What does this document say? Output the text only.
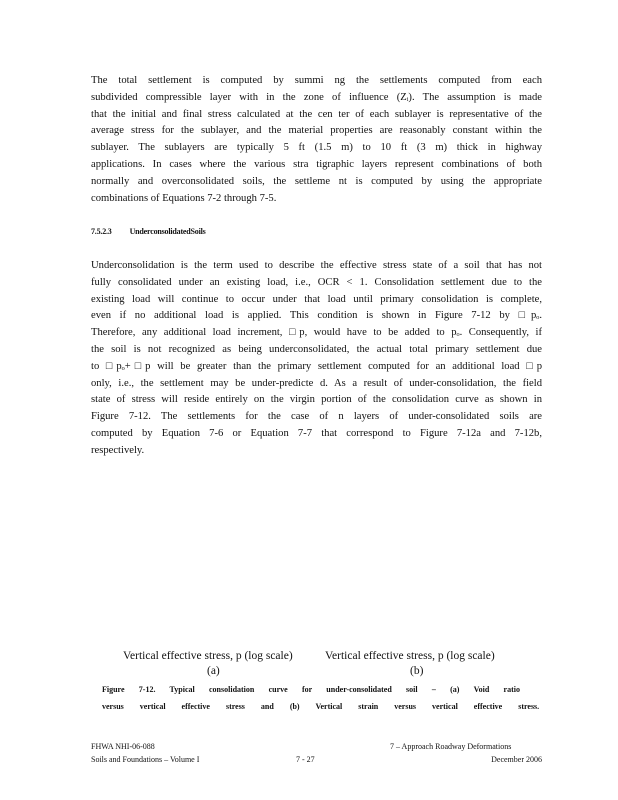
The total settlement is computed by summi ng the settlements computed from each
subdivided compressible layer with in the zone of influence (Zᵢ). The assumption is made
that the initial and final stress calculated at the cen ter of each sublayer is representative of the
average stress for the sublayer, and the material properties are reasonably constant within the
sublayer. The sublayers are typically 5 ft (1.5 m) to 10 ft (3 m) thick in highway
applications. In cases where the various stra tigraphic layers represent combinations of both
normally and overconsolidated soils, the settleme nt is computed by using the appropriate
combinations of Equations 7-2 through 7-5.
7.5.2.3 UnderconsolidatedSoils
Underconsolidation is the term used to describe the effective stress state of a soil that has not
fully consolidated under an existing load, i.e., OCR < 1. Consolidation settlement due to the
existing load will continue to occur under that load until primary consolidation is complete,
even if no additional load is applied. This condition is shown in Figure 7-12 by □pₒ.
Therefore, any additional load increment, □p, would have to be added to pₒ. Consequently, if
the soil is not recognized as being underconsolidated, the actual total primary settlement due
to □pₒ+□p will be greater than the primary settlement computed for an additional load □p
only, i.e., the settlement may be under-predicte d. As a result of under-consolidation, the field
state of stress will reside entirely on the virgin portion of the consolidation curve as shown in
Figure 7-12. The settlements for the case of n layers of under-consolidated soils are
computed by Equation 7-6 or Equation 7-7 that correspond to Figure 7-12a and 7-12b,
respectively.
Vertical effective stress, p (log scale)	Vertical effective stress, p (log scale)
(a)	(b)
Figure 7-12. Typical consolidation curve for under-consolidated soil – (a) Void ratio
versus vertical effective stress and (b) Vertical strain versus vertical effective stress.
FHWA NHI-06-088
Soils and Foundations – Volume I	7 - 27
7 – Approach Roadway Deformations
December 2006
